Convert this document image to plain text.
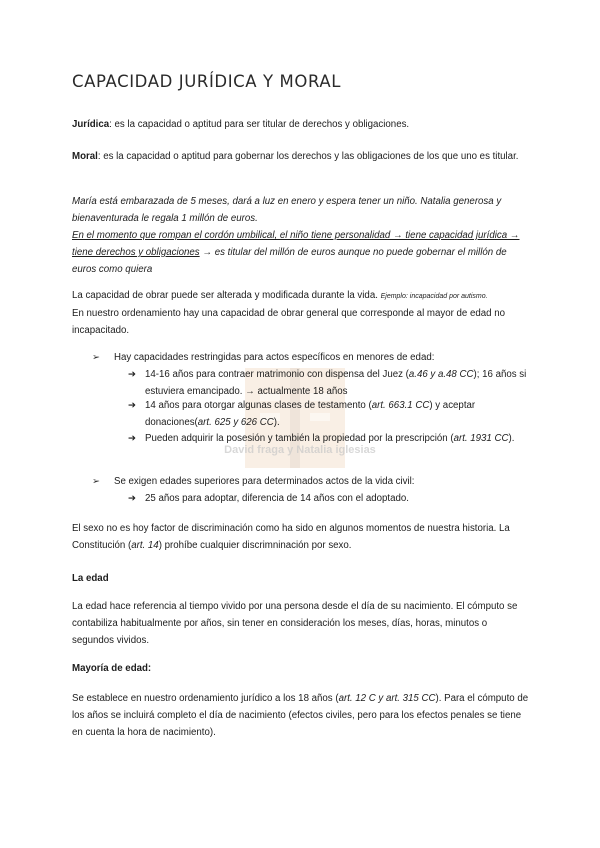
CAPACIDAD JURÍDICA Y MORAL

Jurídica: es la capacidad o aptitud para ser titular de derechos y obligaciones.

Moral: es la capacidad o aptitud para gobernar los derechos y las obligaciones de los que uno es titular.

María está embarazada de 5 meses, dará a luz en enero y espera tener un niño. Natalia generosa y bienaventurada le regala 1 millón de euros.
En el momento que rompan el cordón umbilical, el niño tiene personalidad → tiene capacidad jurídica → tiene derechos y obligaciones → es titular del millón de euros aunque no puede gobernar el millón de euros como quiera

La capacidad de obrar puede ser alterada y modificada durante la vida. Ejemplo: incapacidad por autismo.
En nuestro ordenamiento hay una capacidad de obrar general que corresponde al mayor de edad no incapacitado.

David fraga y Natalia iglesias
➢ Hay capacidades restringidas para actos específicos en menores de edad:
➔ 14-16 años para contraer matrimonio con dispensa del Juez (a.46 y a.48 CC); 16 años si estuviera emancipado. → actualmente 18 años
➔ 14 años para otorgar algunas clases de testamento (art. 663.1 CC) y aceptar donaciones(art. 625 y 626 CC).
➔ Pueden adquirir la posesión y también la propiedad por la prescripción (art. 1931 CC).
➢ Se exigen edades superiores para determinados actos de la vida civil:
➔ 25 años para adoptar, diferencia de 14 años con el adoptado.

El sexo no es hoy factor de discriminación como ha sido en algunos momentos de nuestra historia. La Constitución (art. 14) prohíbe cualquier discrimninación por sexo.

La edad

La edad hace referencia al tiempo vivido por una persona desde el día de su nacimiento. El cómputo se contabiliza habitualmente por años, sin tener en consideración los meses, días, horas, minutos o segundos vividos.

Mayoría de edad:

Se establece en nuestro ordenamiento jurídico a los 18 años (art. 12 C y art. 315 CC). Para el cómputo de los años se incluirá completo el día de nacimiento (efectos civiles, pero para los efectos penales se tiene en cuenta la hora de nacimiento).
